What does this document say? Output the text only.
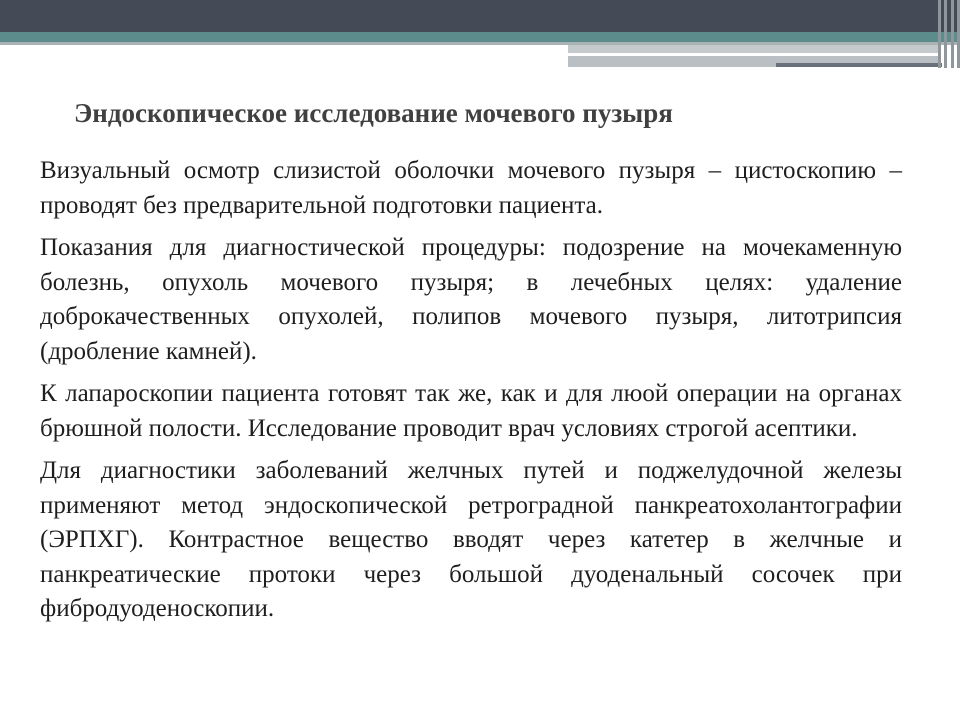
Эндоскопическое исследование мочевого пузыря

Визуальный осмотр слизистой оболочки мочевого пузыря – цистоскопию – проводят без предварительной подготовки пациента.

Показания для диагностической процедуры: подозрение на мочекаменную болезнь, опухоль мочевого пузыря; в лечебных целях: удаление доброкачественных опухолей, полипов мочевого пузыря, литотрипсия (дробление камней).

К лапароскопии пациента готовят так же, как и для люой операции на органах брюшной полости. Исследование проводит врач условиях строгой асептики.

Для диагностики заболеваний желчных путей и поджелудочной железы применяют метод эндоскопической ретроградной панкреатохолантографии (ЭРПХГ). Контрастное вещество вводят через катетер в желчные и панкреатические протоки через большой дуоденальный сосочек при фибродуоденоскопии.
